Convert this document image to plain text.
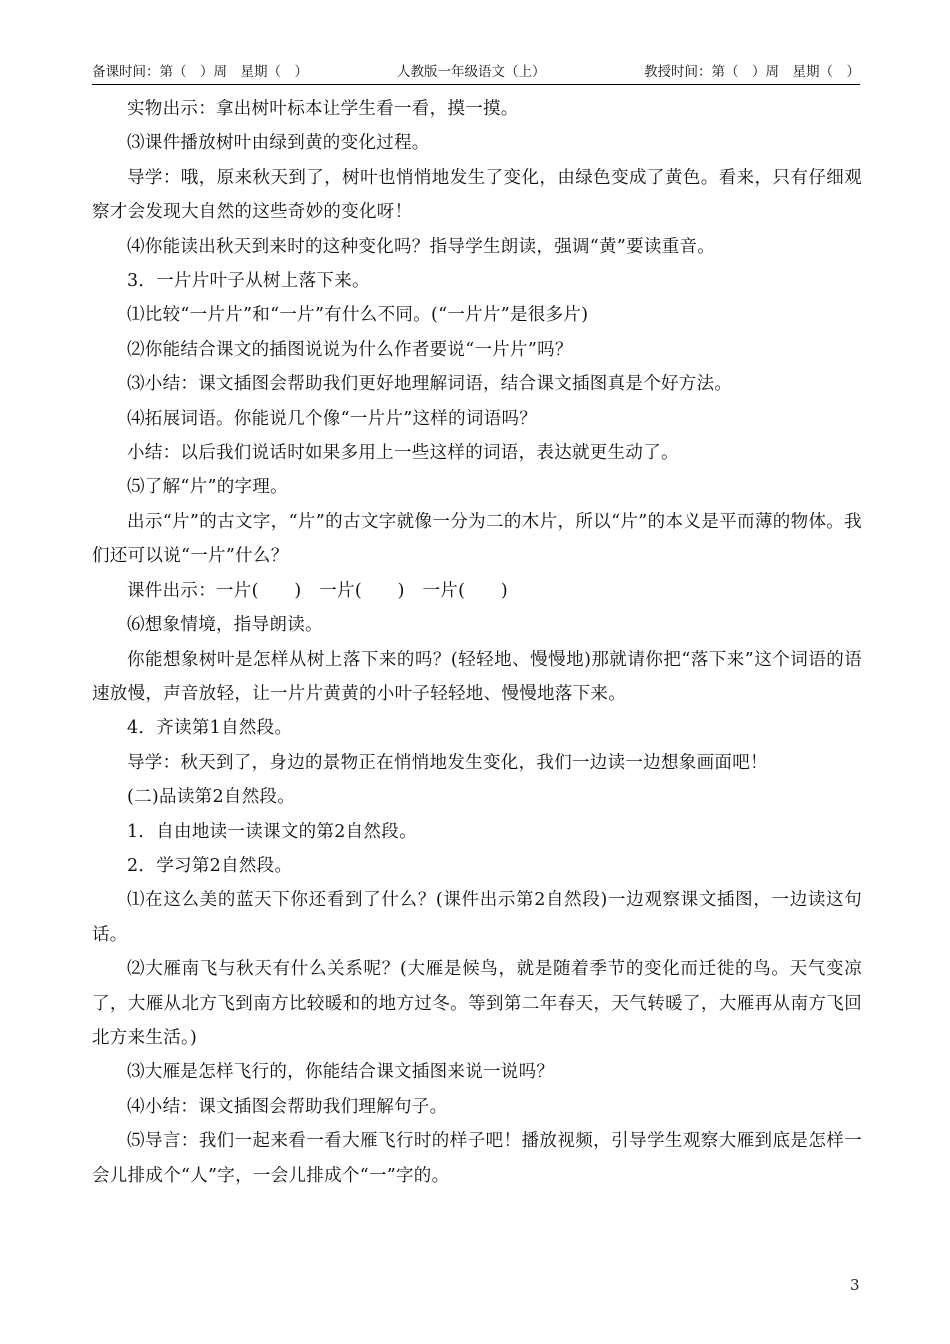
备课时间：第（　）周　星期（　）	人教版一年级语文（上）	教授时间：第（　）周　星期（　）

实物出示：拿出树叶标本让学生看一看，摸一摸。

⑶课件播放树叶由绿到黄的变化过程。

导学：哦，原来秋天到了，树叶也悄悄地发生了变化，由绿色变成了黄色。看来，只有仔细观察才会发现大自然的这些奇妙的变化呀！

⑷你能读出秋天到来时的这种变化吗？指导学生朗读，强调“黄”要读重音。

3．一片片叶子从树上落下来。

⑴比较“一片片”和“一片”有什么不同。(“一片片”是很多片)

⑵你能结合课文的插图说说为什么作者要说“一片片”吗？

⑶小结：课文插图会帮助我们更好地理解词语，结合课文插图真是个好方法。

⑷拓展词语。你能说几个像“一片片”这样的词语吗？

小结：以后我们说话时如果多用上一些这样的词语，表达就更生动了。

⑸了解“片”的字理。

出示“片”的古文字，“片”的古文字就像一分为二的木片，所以“片”的本义是平而薄的物体。我们还可以说“一片”什么？

课件出示：一片(　　)　一片(　　)　一片(　　)

⑹想象情境，指导朗读。

你能想象树叶是怎样从树上落下来的吗？(轻轻地、慢慢地)那就请你把“落下来”这个词语的语速放慢，声音放轻，让一片片黄黄的小叶子轻轻地、慢慢地落下来。

4．齐读第1自然段。

导学：秋天到了，身边的景物正在悄悄地发生变化，我们一边读一边想象画面吧！

(二)品读第2自然段。

1．自由地读一读课文的第2自然段。

2．学习第2自然段。

⑴在这么美的蓝天下你还看到了什么？(课件出示第2自然段)一边观察课文插图，一边读这句话。

⑵大雁南飞与秋天有什么关系呢？(大雁是候鸟，就是随着季节的变化而迁徙的鸟。天气变凉了，大雁从北方飞到南方比较暖和的地方过冬。等到第二年春天，天气转暖了，大雁再从南方飞回北方来生活。)

⑶大雁是怎样飞行的，你能结合课文插图来说一说吗？

⑷小结：课文插图会帮助我们理解句子。

⑸导言：我们一起来看一看大雁飞行时的样子吧！播放视频，引导学生观察大雁到底是怎样一会儿排成个“人”字，一会儿排成个“一”字的。

3
